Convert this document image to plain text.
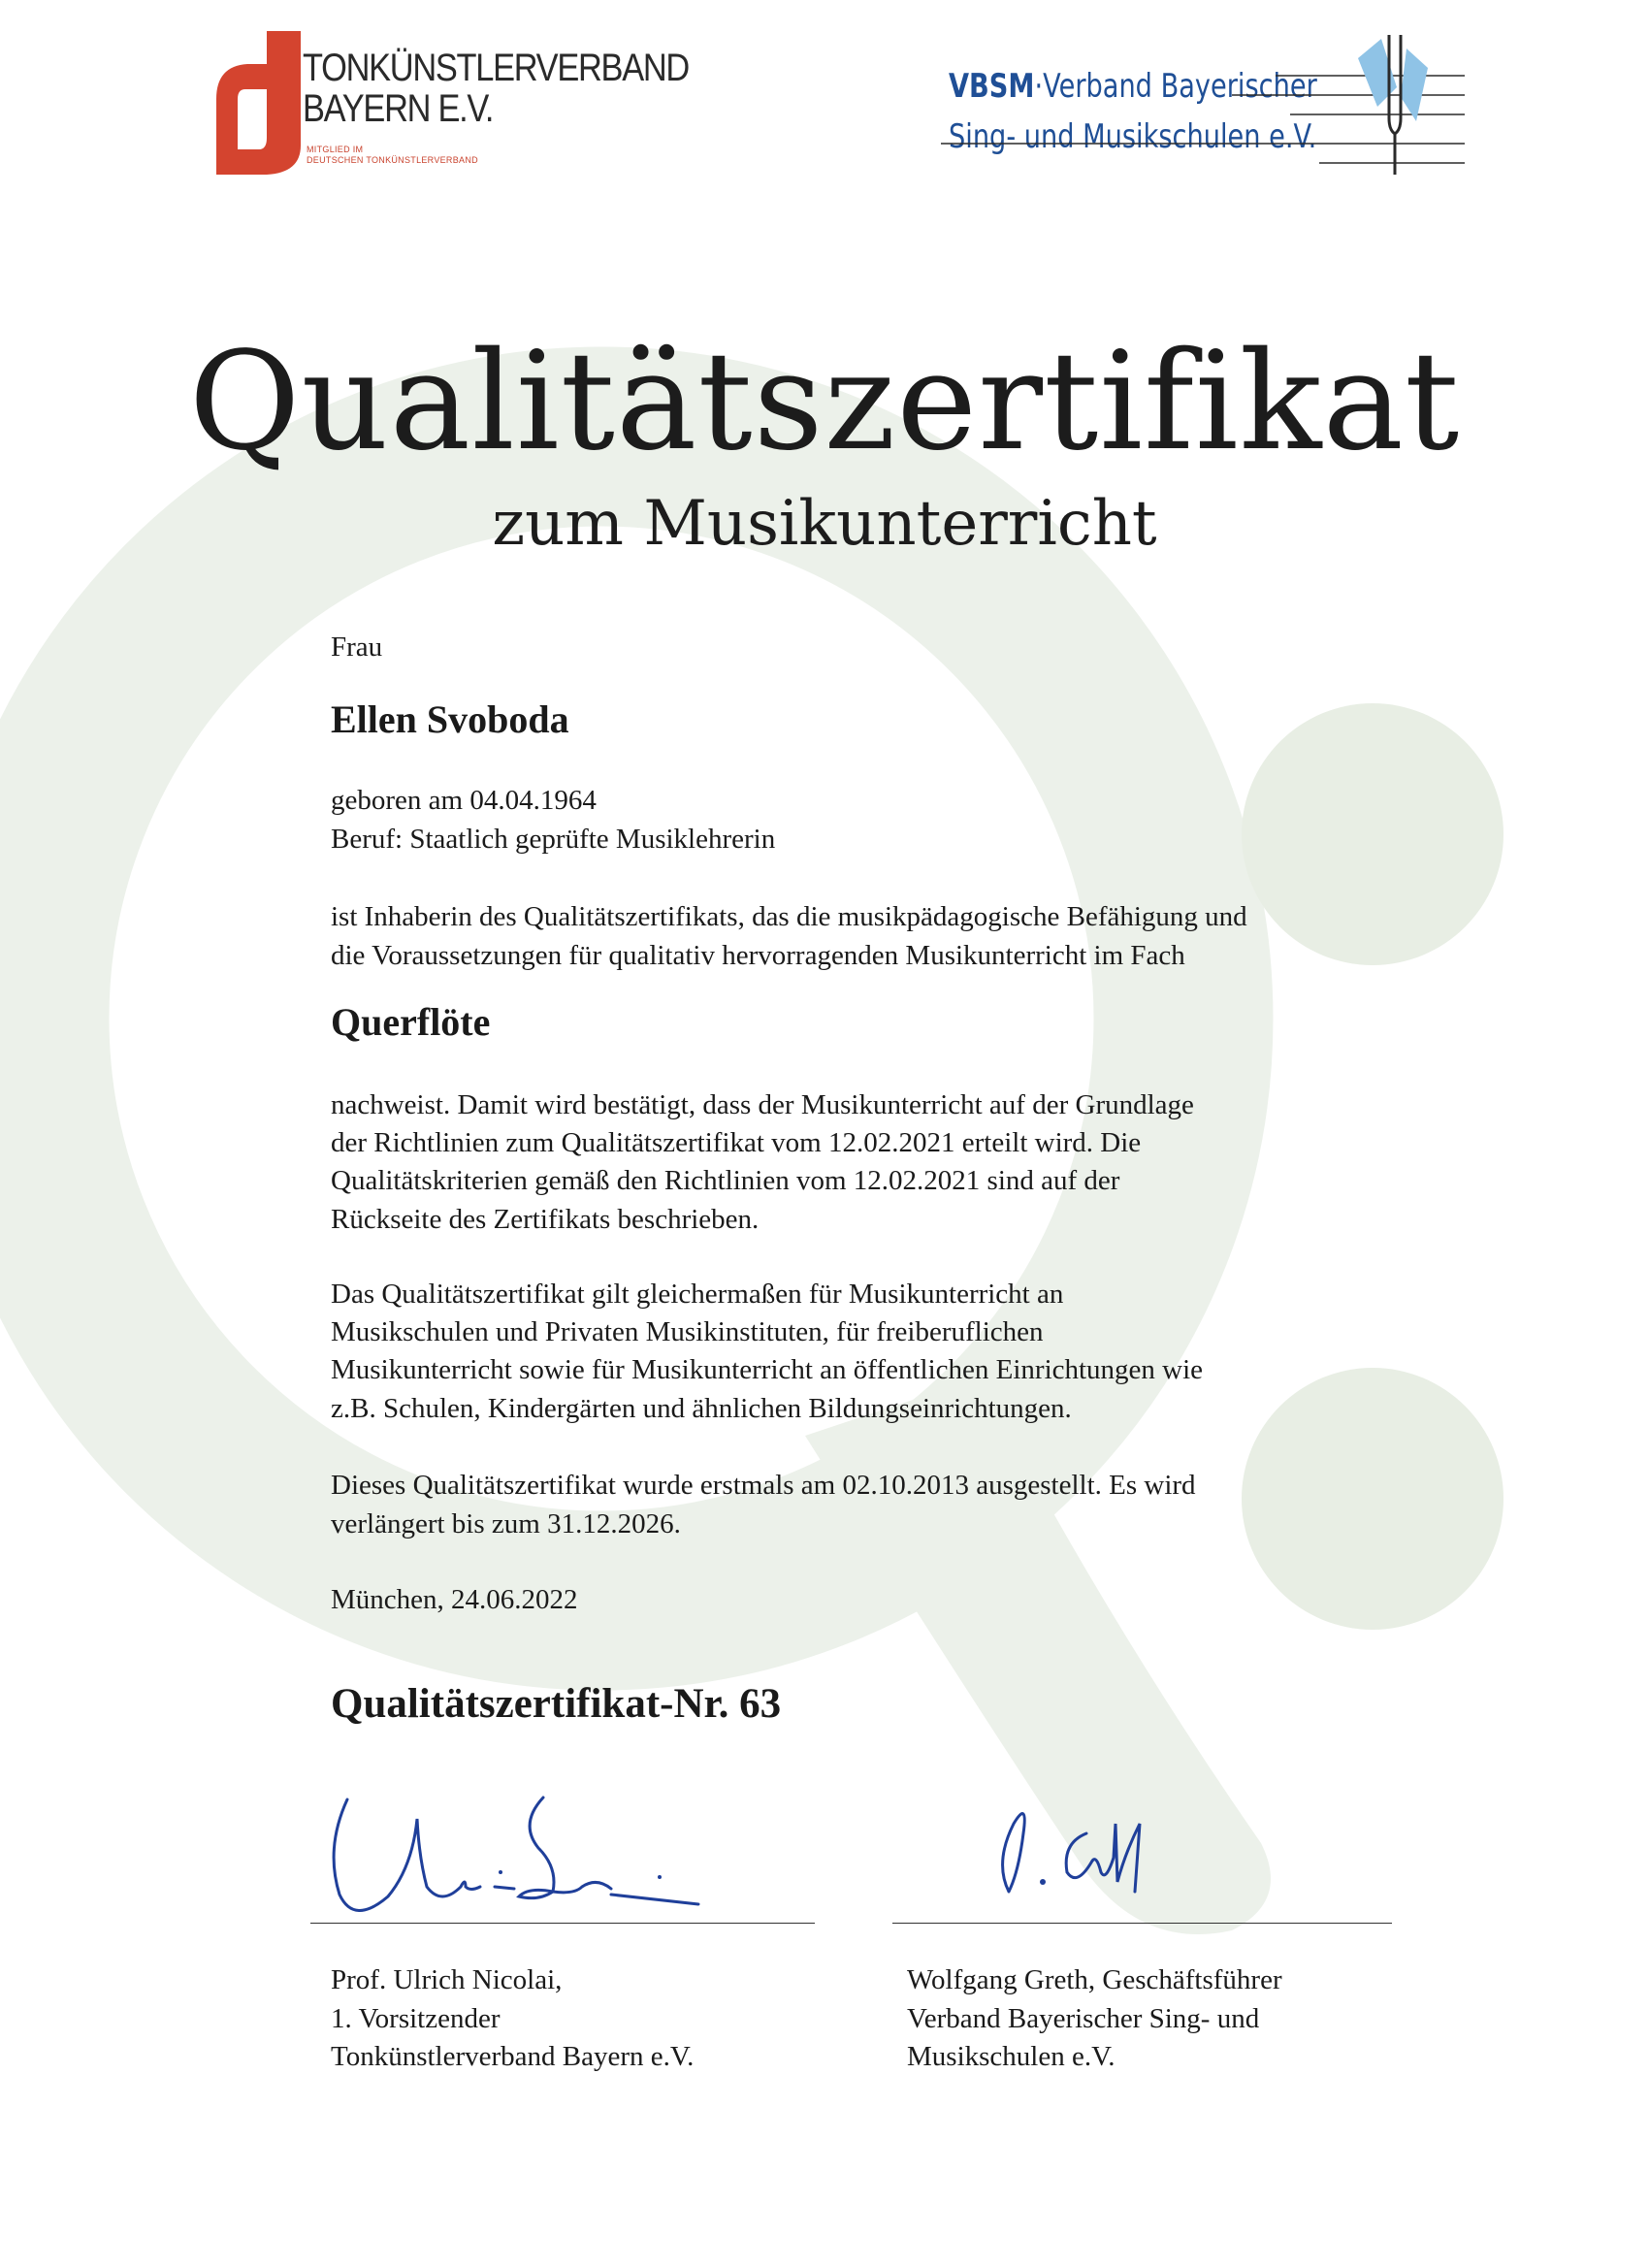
TONKÜNSTLERVERBAND
BAYERN E.V.
MITGLIED IM
DEUTSCHEN TONKÜNSTLERVERBAND
VBSM·Verband Bayerischer
Sing- und Musikschulen e.V.
Qualitätszertifikat
zum Musikunterricht
Frau
Ellen Svoboda
geboren am 04.04.1964
Beruf: Staatlich geprüfte Musiklehrerin
ist Inhaberin des Qualitätszertifikats, das die musikpädagogische Befähigung und
die Voraussetzungen für qualitativ hervorragenden Musikunterricht im Fach
Querflöte
nachweist. Damit wird bestätigt, dass der Musikunterricht auf der Grundlage
der Richtlinien zum Qualitätszertifikat vom 12.02.2021 erteilt wird. Die
Qualitätskriterien gemäß den Richtlinien vom 12.02.2021 sind auf der
Rückseite des Zertifikats beschrieben.
Das Qualitätszertifikat gilt gleichermaßen für Musikunterricht an
Musikschulen und Privaten Musikinstituten, für freiberuflichen
Musikunterricht sowie für Musikunterricht an öffentlichen Einrichtungen wie
z.B. Schulen, Kindergärten und ähnlichen Bildungseinrichtungen.
Dieses Qualitätszertifikat wurde erstmals am 02.10.2013 ausgestellt. Es wird
verlängert bis zum 31.12.2026.
München, 24.06.2022
Qualitätszertifikat-Nr. 63
Prof. Ulrich Nicolai,
1. Vorsitzender
Tonkünstlerverband Bayern e.V.
Wolfgang Greth, Geschäftsführer
Verband Bayerischer Sing- und
Musikschulen e.V.
